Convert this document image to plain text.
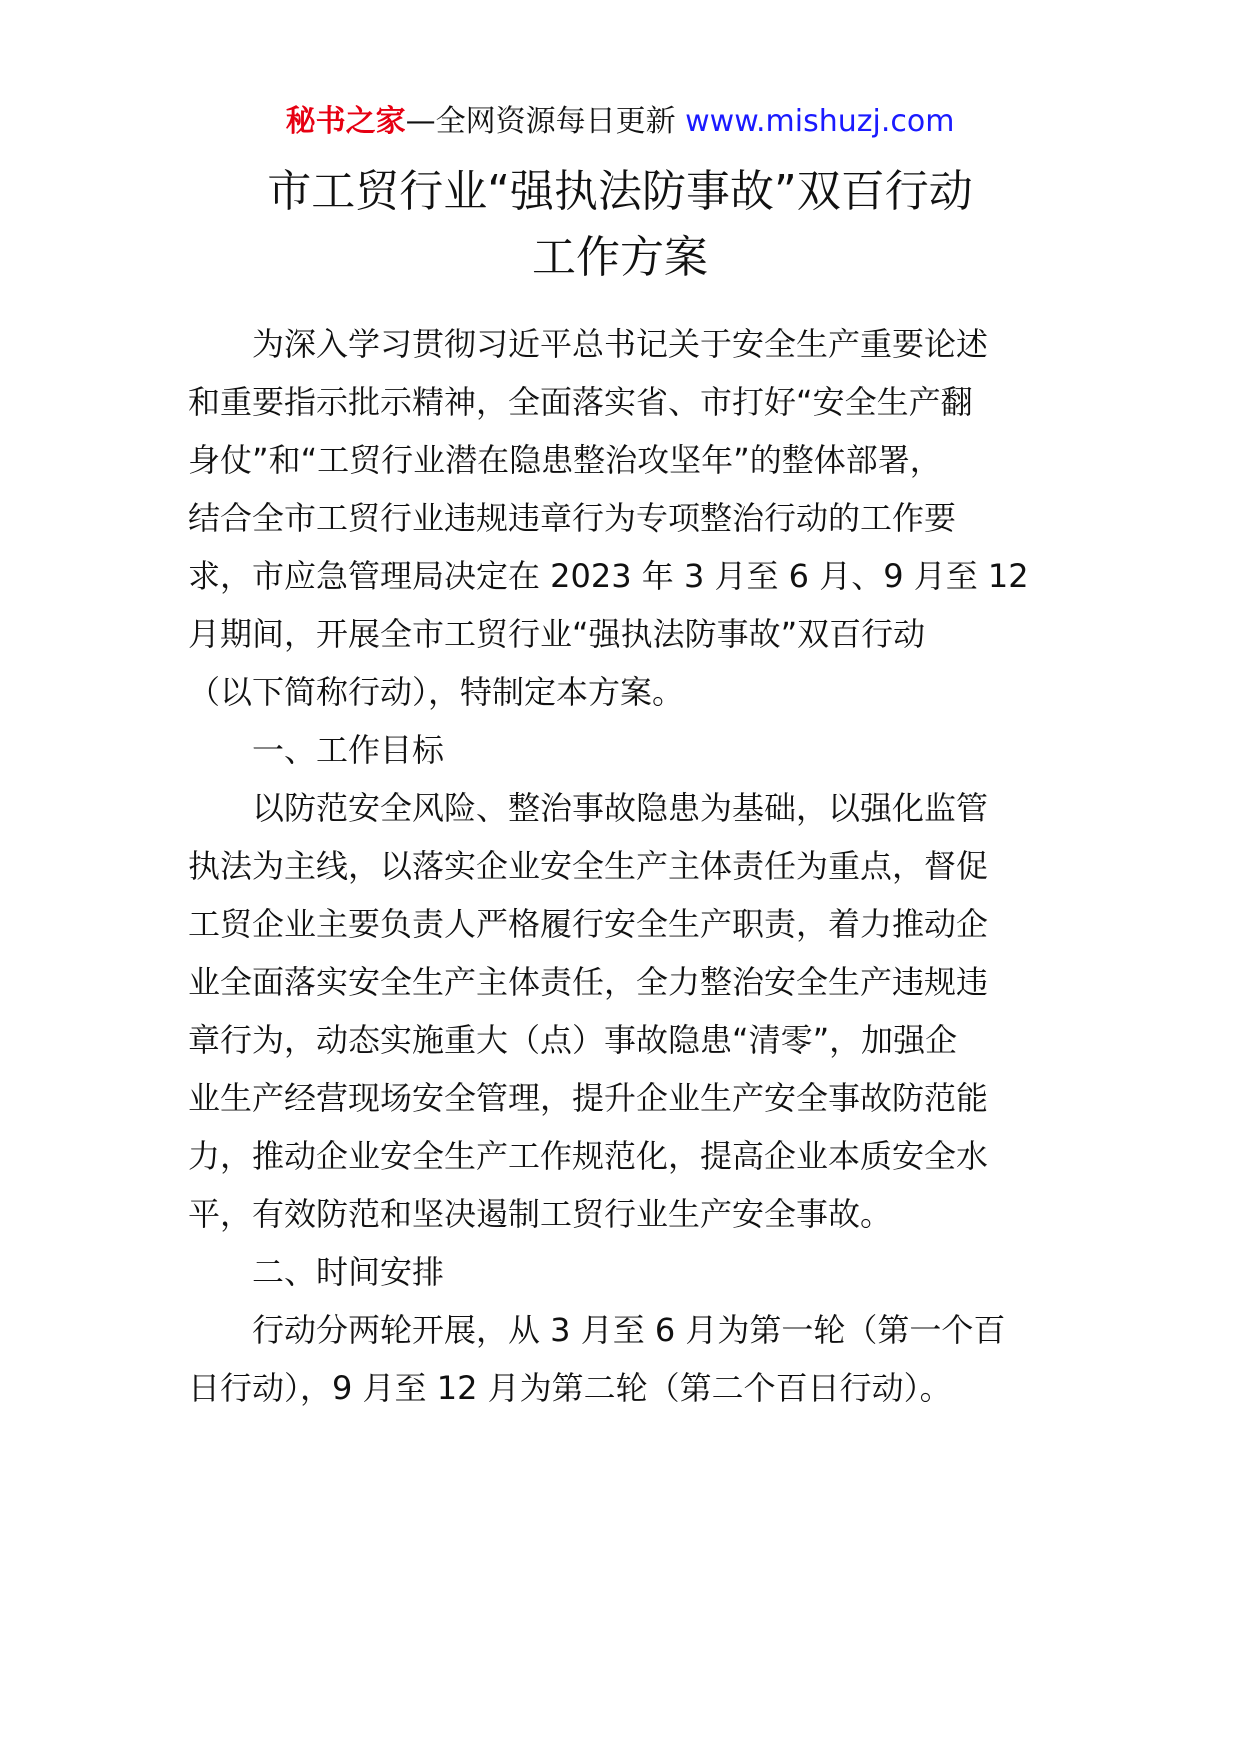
秘书之家—全网资源每日更新 www.mishuzj.com
市工贸行业“强执法防事故”双百行动
工作方案
为深入学习贯彻习近平总书记关于安全生产重要论述
和重要指示批示精神，全面落实省、市打好“安全生产翻
身仗”和“工贸行业潜在隐患整治攻坚年”的整体部署，
结合全市工贸行业违规违章行为专项整治行动的工作要
求，市应急管理局决定在 2023 年 3 月至 6 月、9 月至 12
月期间，开展全市工贸行业“强执法防事故”双百行动
（以下简称行动），特制定本方案。
一、工作目标
以防范安全风险、整治事故隐患为基础，以强化监管
执法为主线，以落实企业安全生产主体责任为重点，督促
工贸企业主要负责人严格履行安全生产职责，着力推动企
业全面落实安全生产主体责任，全力整治安全生产违规违
章行为，动态实施重大（点）事故隐患“清零”，加强企
业生产经营现场安全管理，提升企业生产安全事故防范能
力，推动企业安全生产工作规范化，提高企业本质安全水
平，有效防范和坚决遏制工贸行业生产安全事故。
二、时间安排
行动分两轮开展，从 3 月至 6 月为第一轮（第一个百
日行动），9 月至 12 月为第二轮（第二个百日行动）。
